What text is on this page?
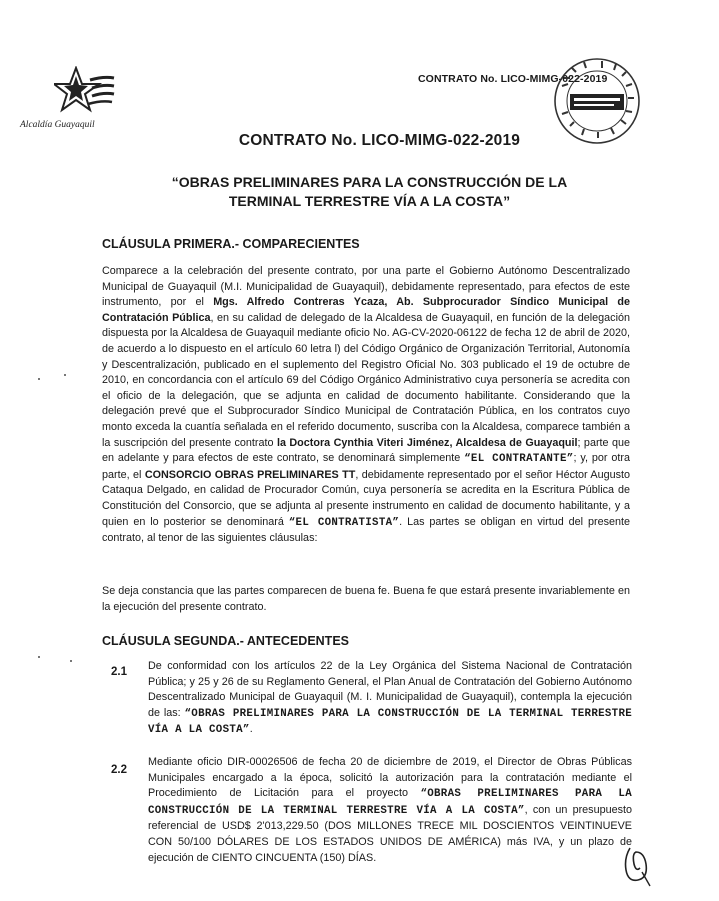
Alcaldía Guayaquil
CONTRATO No. LICO-MIMG-022-2019
CONTRATO No. LICO-MIMG-022-2019
“OBRAS PRELIMINARES PARA LA CONSTRUCCIÓN DE LA
TERMINAL TERRESTRE VÍA A LA COSTA”
CLÁUSULA PRIMERA.- COMPARECIENTES

Comparece a la celebración del presente contrato, por una parte el Gobierno Autónomo Descentralizado Municipal de Guayaquil (M.I. Municipalidad de Guayaquil), debidamente representado, para efectos de este instrumento, por el Mgs. Alfredo Contreras Ycaza, Ab. Subprocurador Síndico Municipal de Contratación Pública, en su calidad de delegado de la Alcaldesa de Guayaquil, en función de la delegación dispuesta por la Alcaldesa de Guayaquil mediante oficio No. AG-CV-2020-06122 de fecha 12 de abril de 2020, de acuerdo a lo dispuesto en el artículo 60 letra l) del Código Orgánico de Organización Territorial, Autonomía y Descentralización, publicado en el suplemento del Registro Oficial No. 303 publicado el 19 de octubre de 2010, en concordancia con el artículo 69 del Código Orgánico Administrativo cuya personería se acredita con el oficio de la delegación, que se adjunta en calidad de documento habilitante. Considerando que la delegación prevé que el Subprocurador Síndico Municipal de Contratación Pública, en los contratos cuyo monto exceda la cuantía señalada en el referido documento, suscriba con la Alcaldesa, comparece también a la suscripción del presente contrato la Doctora Cynthia Viteri Jiménez, Alcaldesa de Guayaquil; parte que en adelante y para efectos de este contrato, se denominará simplemente “EL CONTRATANTE”; y, por otra parte, el CONSORCIO OBRAS PRELIMINARES TT, debidamente representado por el señor Héctor Augusto Cataqua Delgado, en calidad de Procurador Común, cuya personería se acredita en la Escritura Pública de Constitución del Consorcio, que se adjunta al presente instrumento en calidad de documento habilitante, y a quien en lo posterior se denominará “EL CONTRATISTA”. Las partes se obligan en virtud del presente contrato, al tenor de las siguientes cláusulas:

Se deja constancia que las partes comparecen de buena fe. Buena fe que estará presente invariablemente en la ejecución del presente contrato.

CLÁUSULA SEGUNDA.- ANTECEDENTES
2.1 De conformidad con los artículos 22 de la Ley Orgánica del Sistema Nacional de Contratación Pública; y 25 y 26 de su Reglamento General, el Plan Anual de Contratación del Gobierno Autónomo Descentralizado Municipal de Guayaquil (M. I. Municipalidad de Guayaquil), contempla la ejecución de las: “OBRAS PRELIMINARES PARA LA CONSTRUCCIÓN DE LA TERMINAL TERRESTRE VÍA A LA COSTA”.

2.2

Mediante oficio DIR-00026506 de fecha 20 de diciembre de 2019, el Director de Obras Públicas Municipales encargado a la época, solicitó la autorización para la contratación mediante el Procedimiento de Licitación para el proyecto “OBRAS PRELIMINARES PARA LA CONSTRUCCIÓN DE LA TERMINAL TERRESTRE VÍA A LA COSTA”, con un presupuesto referencial de USD$ 2'013,229.50 (DOS MILLONES TRECE MIL DOSCIENTOS VEINTINUEVE CON 50/100 DÓLARES DE LOS ESTADOS UNIDOS DE AMÉRICA) más IVA, y un plazo de ejecución de CIENTO CINCUENTA (150) DÍAS.
